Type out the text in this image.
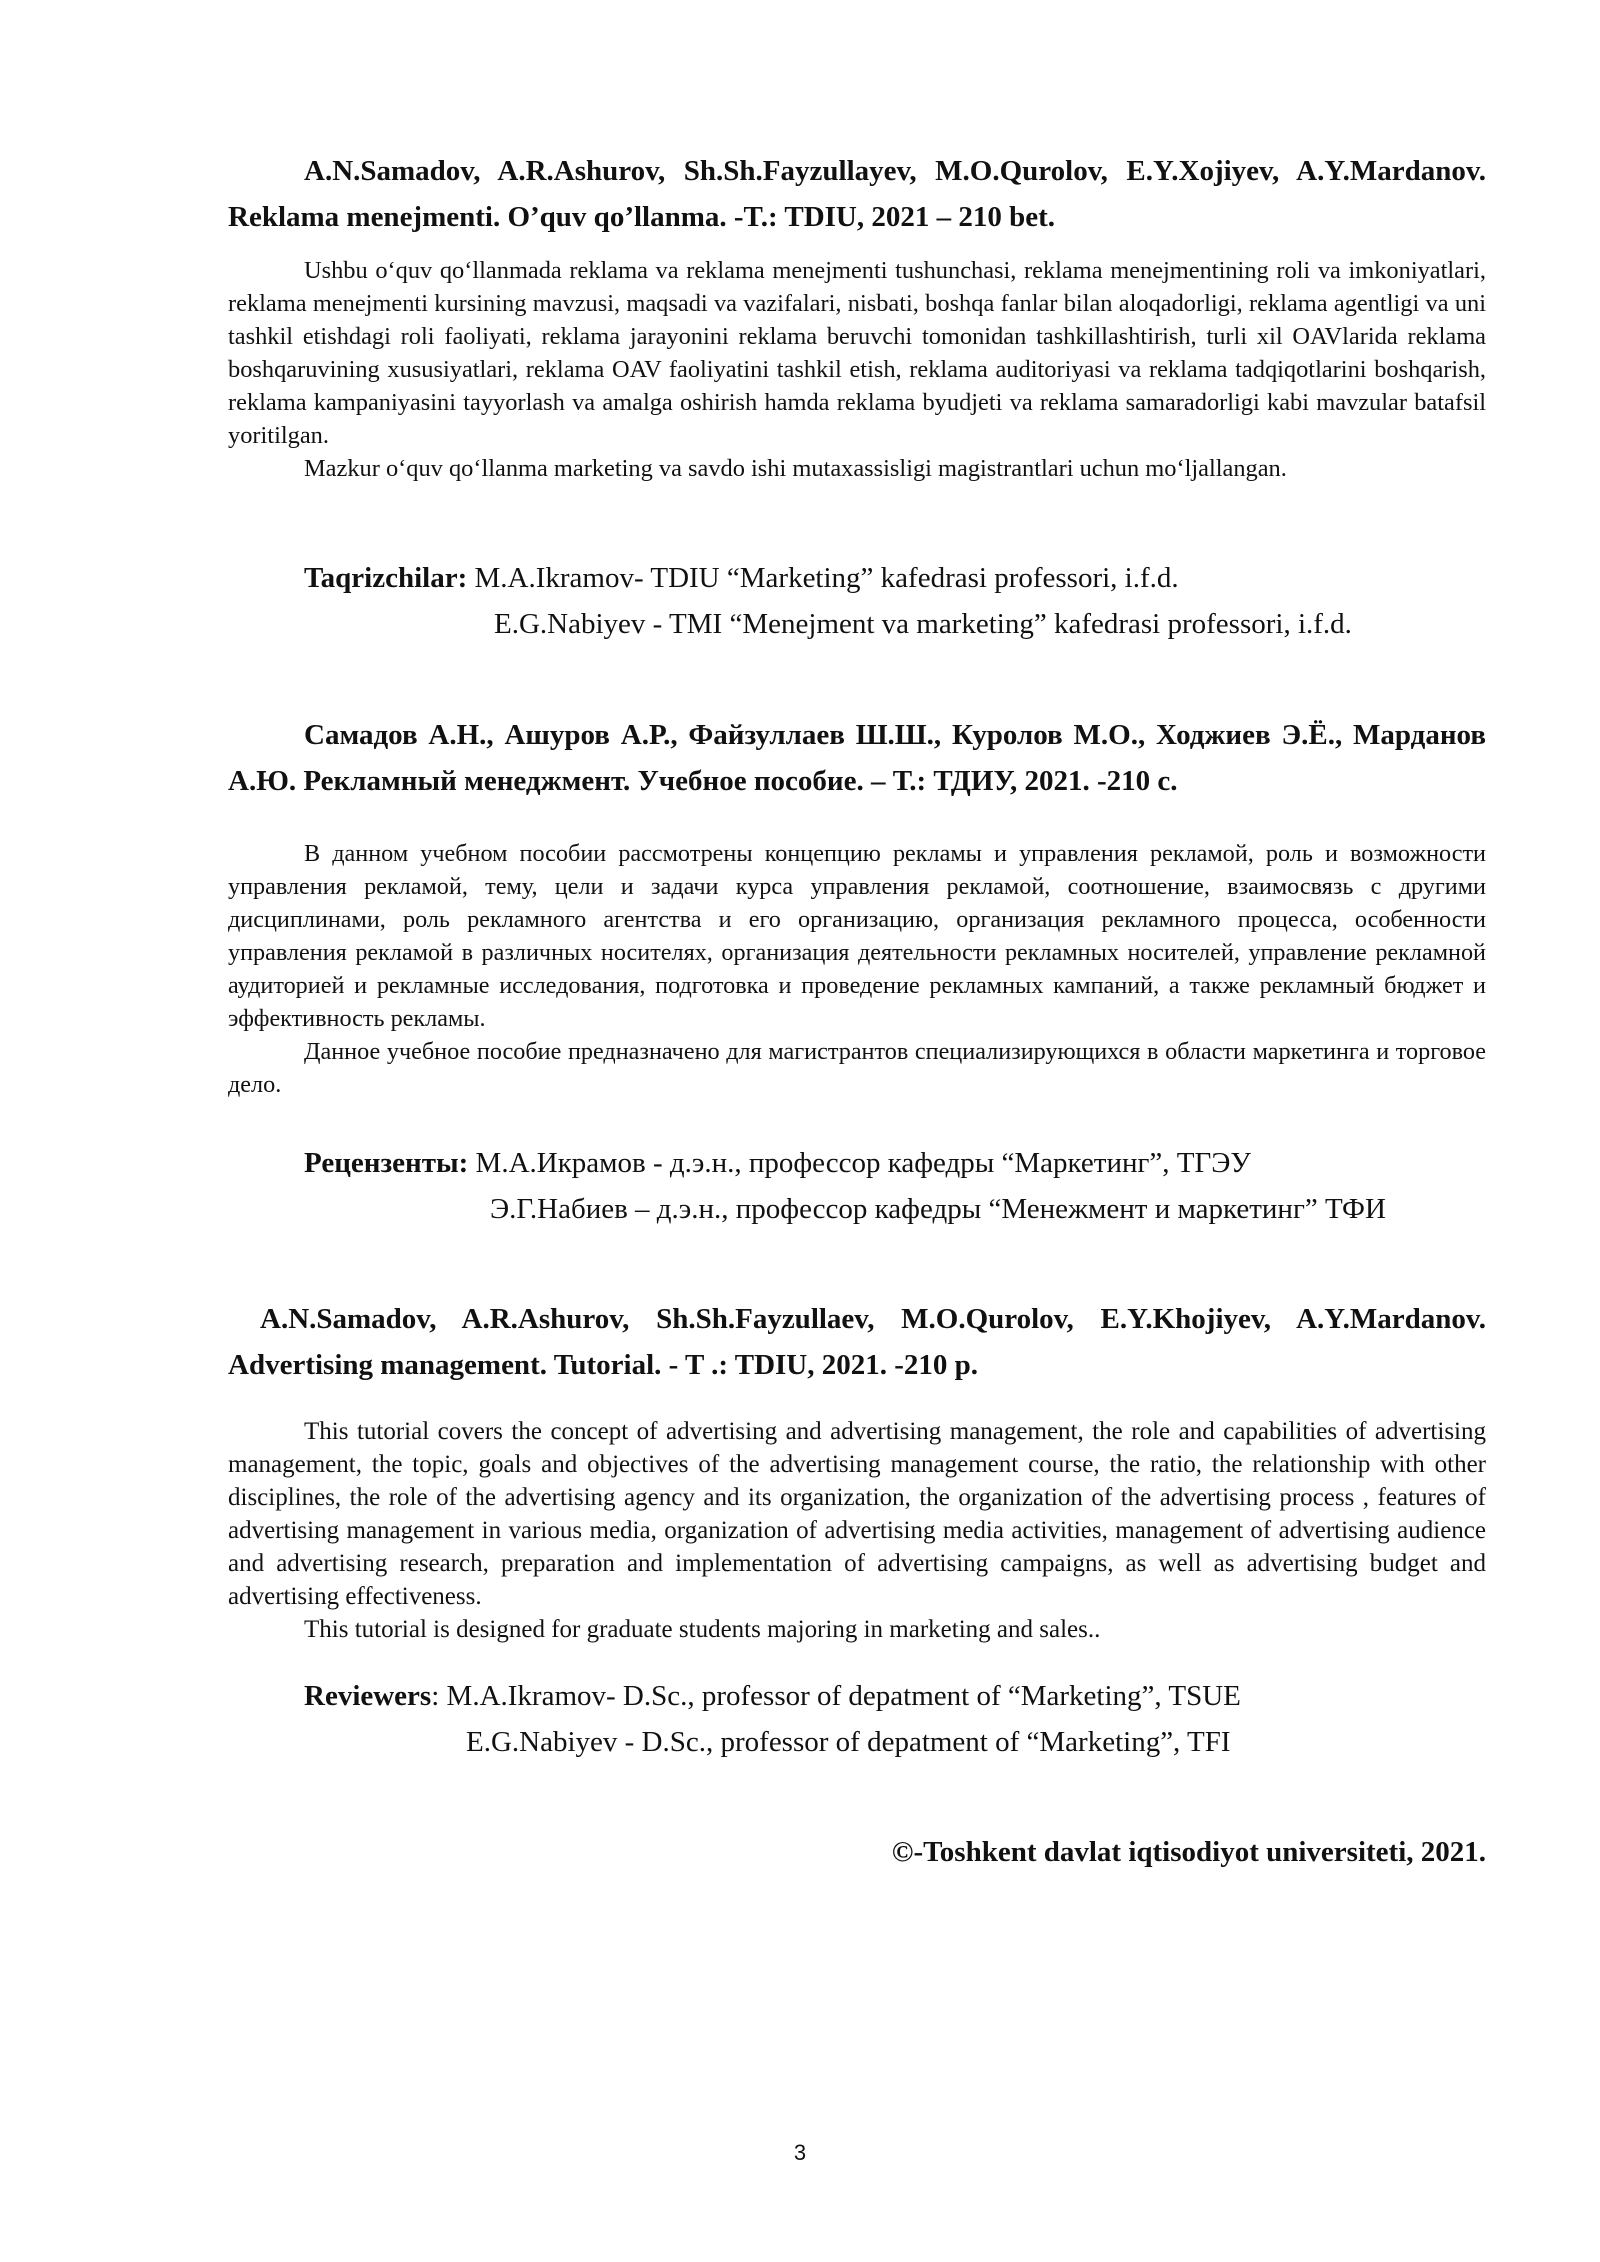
A.N.Samadov, A.R.Ashurov, Sh.Sh.Fayzullayev, M.O.Qurolov, E.Y.Xojiyev, A.Y.Mardanov. Reklama menejmenti. O’quv qo’llanma. -T.: TDIU, 2021 – 210 bet.

Ushbu o‘quv qo‘llanmada reklama va reklama menejmenti tushunchasi, reklama menejmentining roli va imkoniyatlari, reklama menejmenti kursining mavzusi, maqsadi va vazifalari, nisbati, boshqa fanlar bilan aloqadorligi, reklama agentligi va uni tashkil etishdagi roli faoliyati, reklama jarayonini reklama beruvchi tomonidan tashkillashtirish, turli xil OAVlarida reklama boshqaruvining xususiyatlari, reklama OAV faoliyatini tashkil etish, reklama auditoriyasi va reklama tadqiqotlarini boshqarish, reklama kampaniyasini tayyorlash va amalga oshirish hamda reklama byudjeti va reklama samaradorligi kabi mavzular batafsil yoritilgan.

Mazkur o‘quv qo‘llanma marketing va savdo ishi mutaxassisligi magistrantlari uchun mo‘ljallangan.

Taqrizchilar: M.A.Ikramov- TDIU “Marketing” kafedrasi professori, i.f.d.
E.G.Nabiyev - TMI “Menejment va marketing” kafedrasi professori, i.f.d.
Самадов А.Н., Ашуров А.Р., Файзуллаев Ш.Ш., Куролов М.О., Ходжиев Э.Ё., Марданов А.Ю. Рекламный менеджмент. Учебное пособие. – Т.: ТДИУ, 2021. -210 с.

В данном учебном пособии рассмотрены концепцию рекламы и управления рекламой, роль и возможности управления рекламой, тему, цели и задачи курса управления рекламой, соотношение, взаимосвязь с другими дисциплинами, роль рекламного агентства и его организацию, организация рекламного процесса, особенности управления рекламой в различных носителях, организация деятельности рекламных носителей, управление рекламной аудиторией и рекламные исследования, подготовка и проведение рекламных кампаний, а также рекламный бюджет и эффективность рекламы.

Данное учебное пособие предназначено для магистрантов специализирующихся в области маркетинга и торговое дело.

Рецензенты: М.А.Икрамов - д.э.н., профессор кафедры “Маркетинг”, ТГЭУ
Э.Г.Набиев – д.э.н., профессор кафедры “Менежмент и маркетинг” ТФИ
A.N.Samadov, A.R.Ashurov, Sh.Sh.Fayzullaev, M.O.Qurolov, E.Y.Khojiyev, A.Y.Mardanov. Advertising management. Tutorial. - T .: TDIU, 2021. -210 p.

This tutorial covers the concept of advertising and advertising management, the role and capabilities of advertising management, the topic, goals and objectives of the advertising management course, the ratio, the relationship with other disciplines, the role of the advertising agency and its organization, the organization of the advertising process , features of advertising management in various media, organization of advertising media activities, management of advertising audience and advertising research, preparation and implementation of advertising campaigns, as well as advertising budget and advertising effectiveness.

This tutorial is designed for graduate students majoring in marketing and sales..

Reviewers: M.A.Ikramov- D.Sc., professor of depatment of “Marketing”, TSUE
E.G.Nabiyev - D.Sc., professor of depatment of “Marketing”, TFI
©-Toshkent davlat iqtisodiyot universiteti, 2021.
3
